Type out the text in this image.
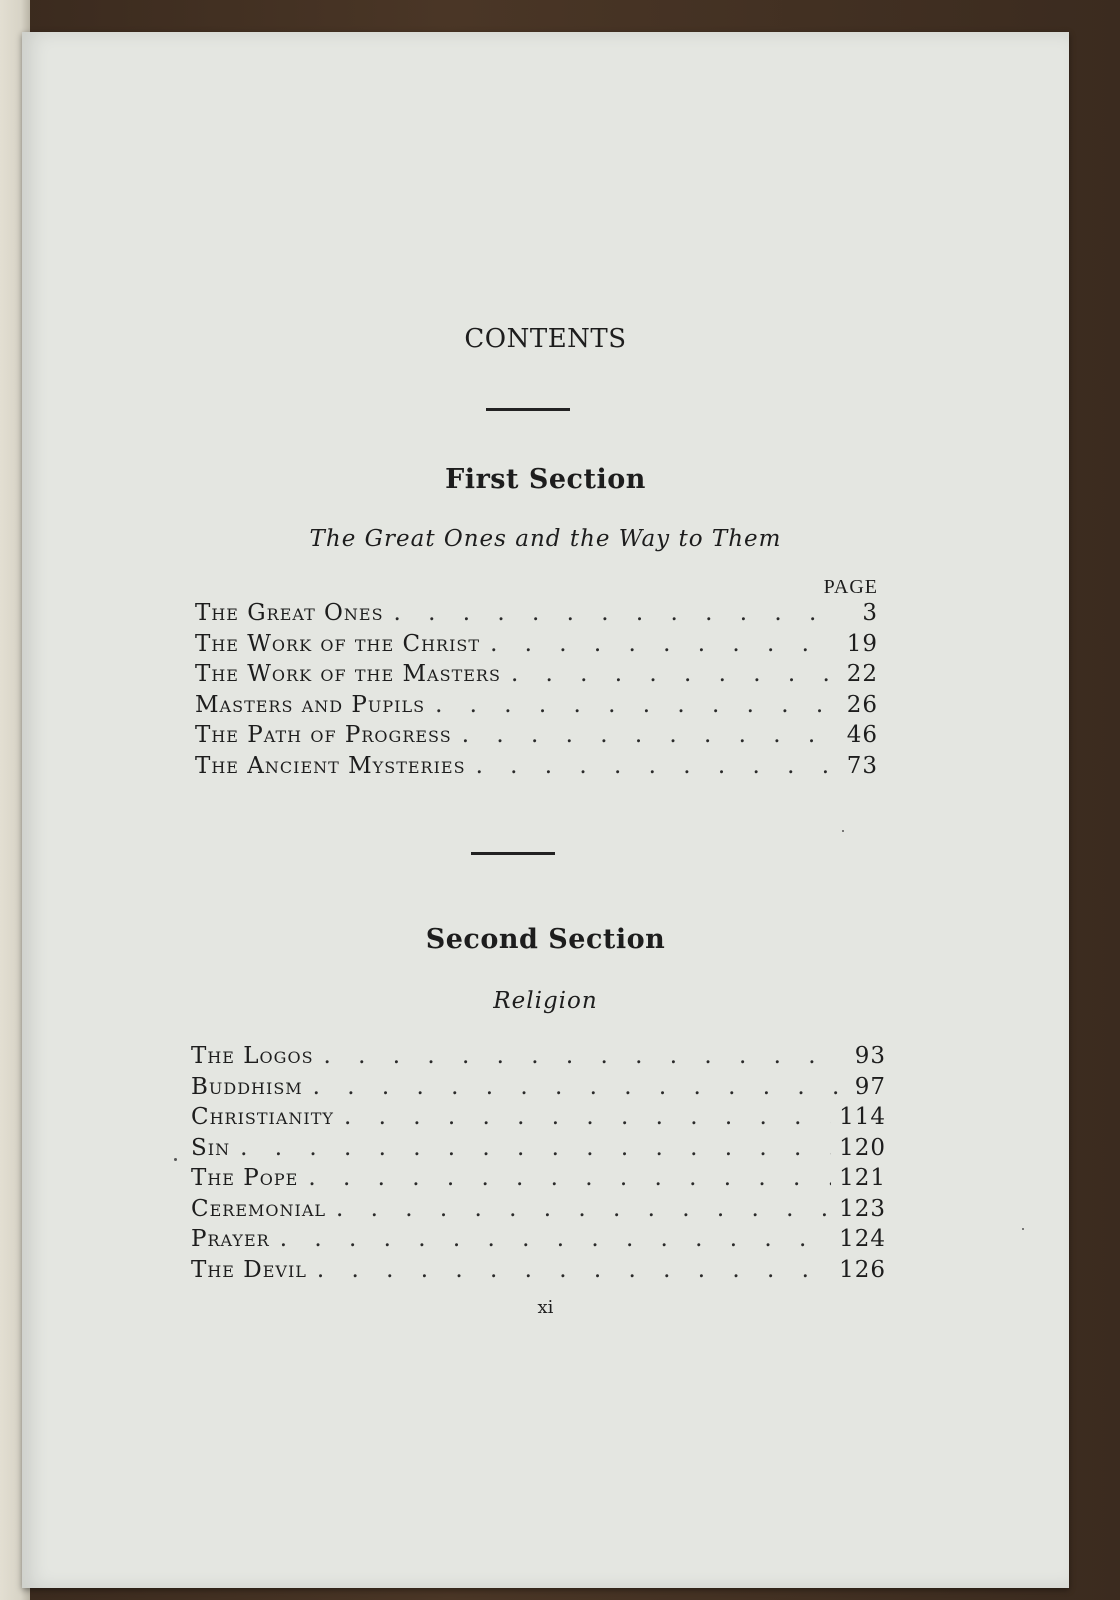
CONTENTS
First Section
The Great Ones and the Way to Them
PAGE
The Great Ones . . .	3
The Work of the Christ . . .	19
The Work of the Masters . . .	22
Masters and Pupils . . .	26
The Path of Progress . . .	46
The Ancient Mysteries . . .	73
Second Section
Religion
The Logos . . .	93
Buddhism . . .	97
Christianity . . .	114
Sin . . .	120
The Pope . . .	121
Ceremonial . . .	123
Prayer . . .	124
The Devil . . .	126
xi
